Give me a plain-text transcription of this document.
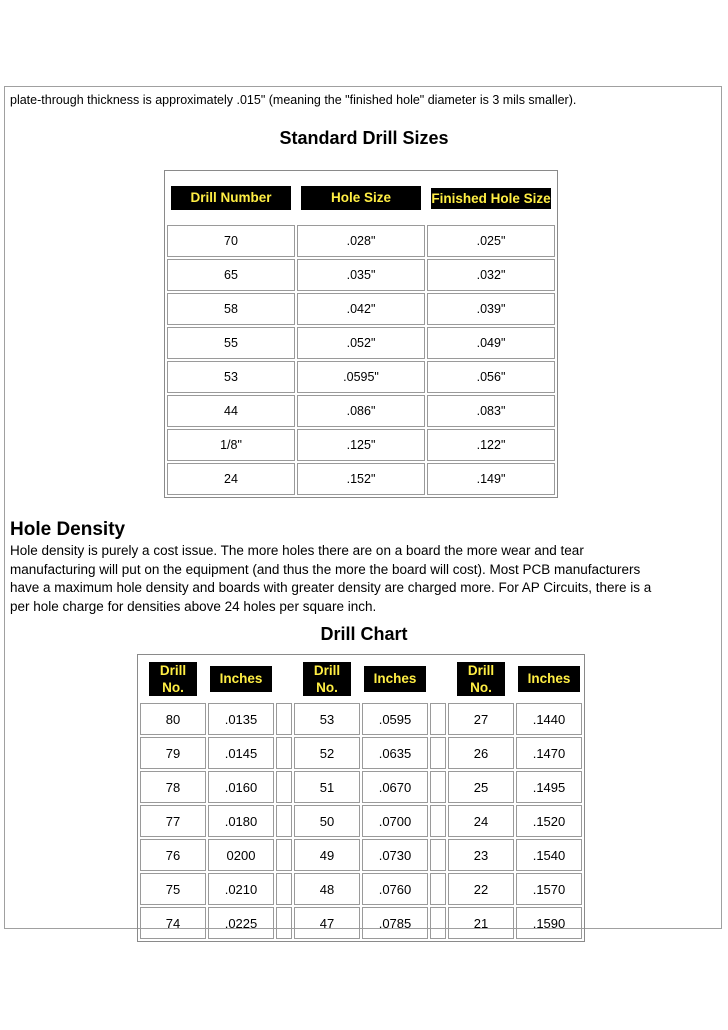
plate-through thickness is approximately .015" (meaning the "finished hole" diameter is 3 mils smaller).
Standard Drill Sizes
Drill Number	Hole Size	Finished Hole Size
70	.028"	.025"
65	.035"	.032"
58	.042"	.039"
55	.052"	.049"
53	.0595"	.056"
44	.086"	.083"
1/8"	.125"	.122"
24	.152"	.149"
Hole Density
Hole density is purely a cost issue. The more holes there are on a board the more wear and tear
manufacturing will put on the equipment (and thus the more the board will cost). Most PCB manufacturers
have a maximum hole density and boards with greater density are charged more. For AP Circuits, there is a
per hole charge for densities above 24 holes per square inch.
Drill Chart
Drill No.	Inches		Drill No.	Inches		Drill No.	Inches
80	.0135		53	.0595		27	.1440
79	.0145		52	.0635		26	.1470
78	.0160		51	.0670		25	.1495
77	.0180		50	.0700		24	.1520
76	0200		49	.0730		23	.1540
75	.0210		48	.0760		22	.1570
74	.0225		47	.0785		21	.1590
